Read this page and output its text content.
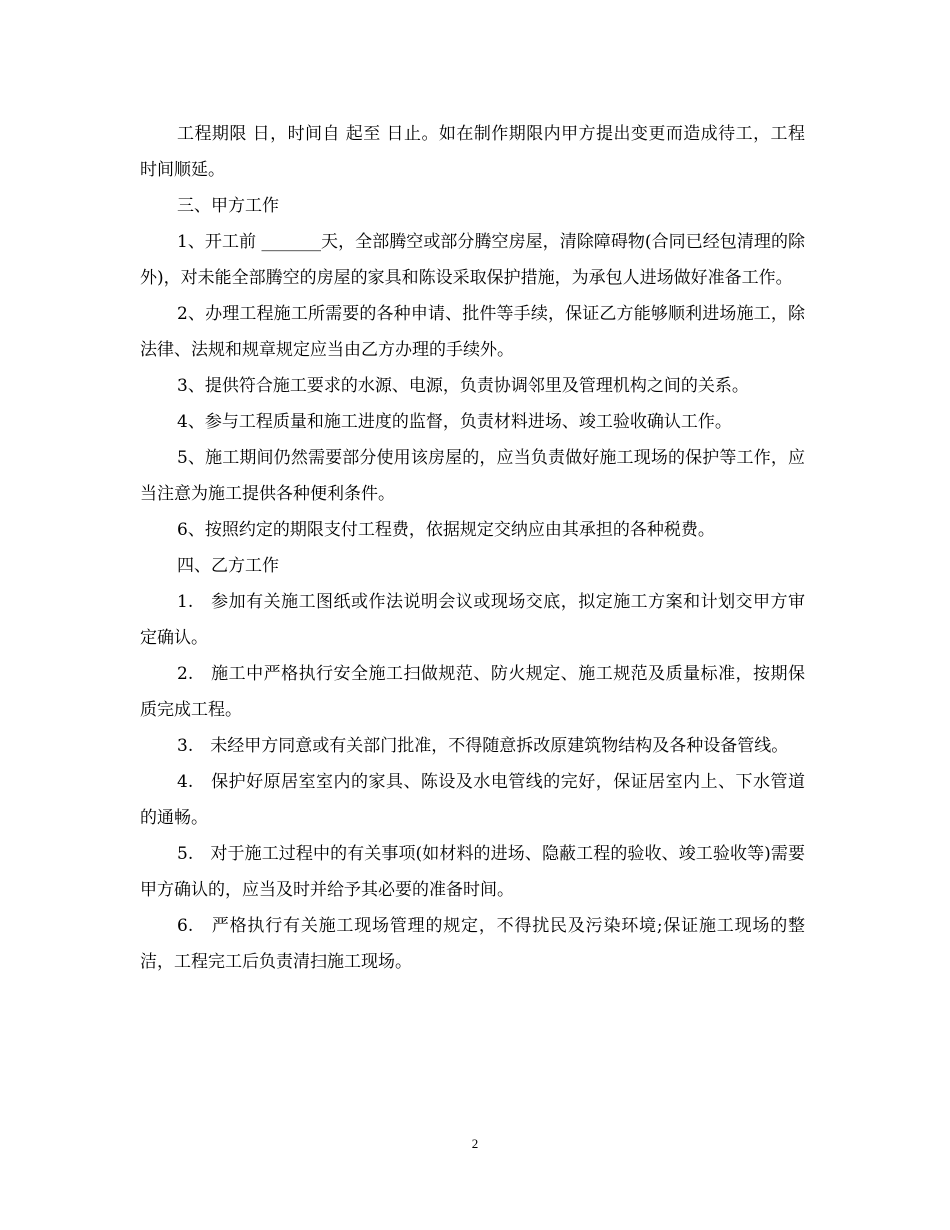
工程期限 日，时间自 起至 日止。如在制作期限内甲方提出变更而造成待工，工程时间顺延。

三、甲方工作

1、开工前 _______天，全部腾空或部分腾空房屋，清除障碍物(合同已经包清理的除外)，对未能全部腾空的房屋的家具和陈设采取保护措施，为承包人进场做好准备工作。

2、办理工程施工所需要的各种申请、批件等手续，保证乙方能够顺利进场施工，除法律、法规和规章规定应当由乙方办理的手续外。

3、提供符合施工要求的水源、电源，负责协调邻里及管理机构之间的关系。

4、参与工程质量和施工进度的监督，负责材料进场、竣工验收确认工作。

5、施工期间仍然需要部分使用该房屋的，应当负责做好施工现场的保护等工作，应当注意为施工提供各种便利条件。

6、按照约定的期限支付工程费，依据规定交纳应由其承担的各种税费。

四、乙方工作

1.　参加有关施工图纸或作法说明会议或现场交底，拟定施工方案和计划交甲方审定确认。

2.　施工中严格执行安全施工扫做规范、防火规定、施工规范及质量标准，按期保质完成工程。

3.　未经甲方同意或有关部门批准，不得随意拆改原建筑物结构及各种设备管线。

4.　保护好原居室室内的家具、陈设及水电管线的完好，保证居室内上、下水管道的通畅。

5.　对于施工过程中的有关事项(如材料的进场、隐蔽工程的验收、竣工验收等)需要甲方确认的，应当及时并给予其必要的准备时间。

6.　严格执行有关施工现场管理的规定，不得扰民及污染环境;保证施工现场的整洁，工程完工后负责清扫施工现场。

2
